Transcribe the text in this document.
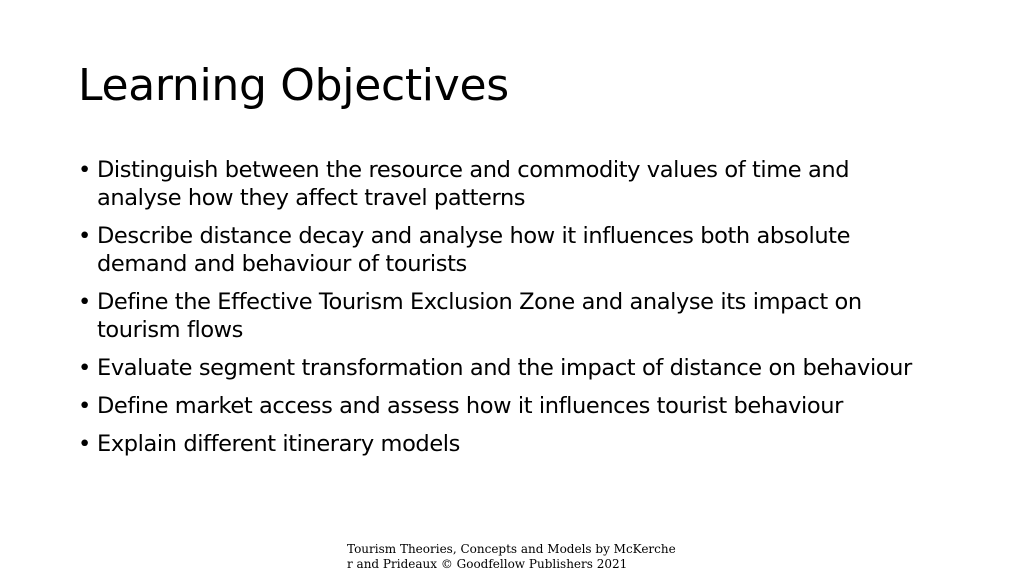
Learning Objectives
• Distinguish between the resource and commodity values of time and analyse how they affect travel patterns
• Describe distance decay and analyse how it influences both absolute demand and behaviour of tourists
• Define the Effective Tourism Exclusion Zone and analyse its impact on tourism flows
• Evaluate segment transformation and the impact of distance on behaviour
• Define market access and assess how it influences tourist behaviour
• Explain different itinerary models

Tourism Theories, Concepts and Models by McKercher and Prideaux © Goodfellow Publishers 2021
